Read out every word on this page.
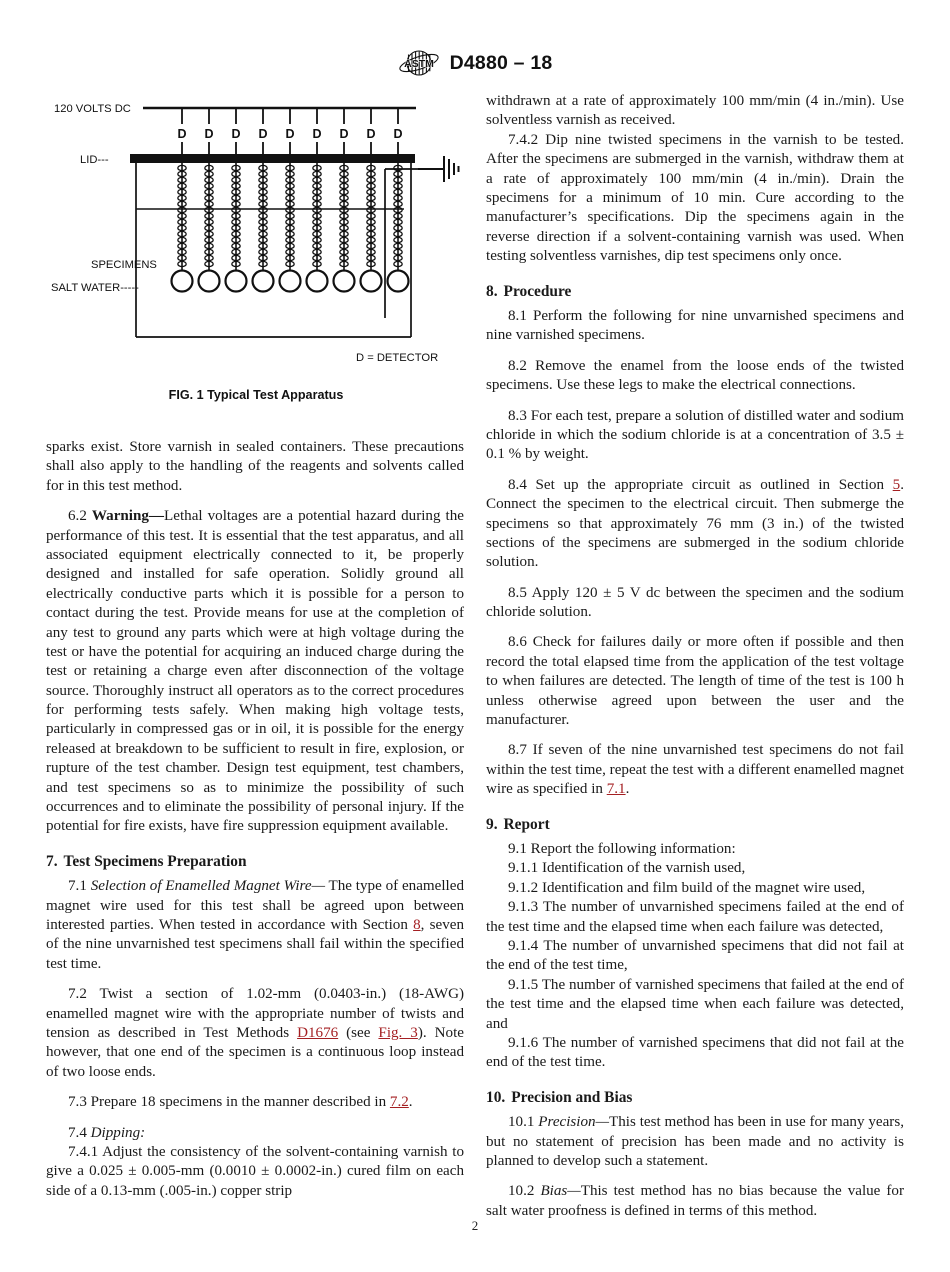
ASTM D4880 – 18
D D D D D D D D D
120 VOLTS DC
LID---
SPECIMENS
SALT WATER-----
D = DETECTOR
FIG. 1 Typical Test Apparatus

sparks exist. Store varnish in sealed containers. These precautions shall also apply to the handling of the reagents and solvents called for in this test method.

6.2 Warning—Lethal voltages are a potential hazard during the performance of this test. It is essential that the test apparatus, and all associated equipment electrically connected to it, be properly designed and installed for safe operation. Solidly ground all electrically conductive parts which it is possible for a person to contact during the test. Provide means for use at the completion of any test to ground any parts which were at high voltage during the test or have the potential for acquiring an induced charge during the test or retaining a charge even after disconnection of the voltage source. Thoroughly instruct all operators as to the correct procedures for performing tests safely. When making high voltage tests, particularly in compressed gas or in oil, it is possible for the energy released at breakdown to be sufficient to result in fire, explosion, or rupture of the test chamber. Design test equipment, test chambers, and test specimens so as to minimize the possibility of such occurrences and to eliminate the possibility of personal injury. If the potential for fire exists, have fire suppression equipment available.

7. Test Specimens Preparation

7.1 Selection of Enamelled Magnet Wire— The type of enamelled magnet wire used for this test shall be agreed upon between interested parties. When tested in accordance with Section 8, seven of the nine unvarnished test specimens shall fail within the specified test time.

7.2 Twist a section of 1.02-mm (0.0403-in.) (18-AWG) enamelled magnet wire with the appropriate number of twists and tension as described in Test Methods D1676 (see Fig. 3). Note however, that one end of the specimen is a continuous loop instead of two loose ends.

7.3 Prepare 18 specimens in the manner described in 7.2.

7.4 Dipping:

7.4.1 Adjust the consistency of the solvent-containing varnish to give a 0.025 ± 0.005-mm (0.0010 ± 0.0002-in.) cured film on each side of a 0.13-mm (.005-in.) copper strip

withdrawn at a rate of approximately 100 mm/min (4 in./min). Use solventless varnish as received.

7.4.2 Dip nine twisted specimens in the varnish to be tested. After the specimens are submerged in the varnish, withdraw them at a rate of approximately 100 mm/min (4 in./min). Drain the specimens for a minimum of 10 min. Cure according to the manufacturer’s specifications. Dip the specimens again in the reverse direction if a solvent-containing varnish was used. When testing solventless varnishes, dip test specimens only once.

8. Procedure

8.1 Perform the following for nine unvarnished specimens and nine varnished specimens.

8.2 Remove the enamel from the loose ends of the twisted specimens. Use these legs to make the electrical connections.

8.3 For each test, prepare a solution of distilled water and sodium chloride in which the sodium chloride is at a concentration of 3.5 ± 0.1 % by weight.

8.4 Set up the appropriate circuit as outlined in Section 5. Connect the specimen to the electrical circuit. Then submerge the specimens so that approximately 76 mm (3 in.) of the twisted sections of the specimens are submerged in the sodium chloride solution.

8.5 Apply 120 ± 5 V dc between the specimen and the sodium chloride solution.

8.6 Check for failures daily or more often if possible and then record the total elapsed time from the application of the test voltage to when failures are detected. The length of time of the test is 100 h unless otherwise agreed upon between the user and the manufacturer.

8.7 If seven of the nine unvarnished test specimens do not fail within the test time, repeat the test with a different enamelled magnet wire as specified in 7.1.

9. Report

9.1 Report the following information:

9.1.1 Identification of the varnish used,

9.1.2 Identification and film build of the magnet wire used,

9.1.3 The number of unvarnished specimens failed at the end of the test time and the elapsed time when each failure was detected,

9.1.4 The number of unvarnished specimens that did not fail at the end of the test time,

9.1.5 The number of varnished specimens that failed at the end of the test time and the elapsed time when each failure was detected, and

9.1.6 The number of varnished specimens that did not fail at the end of the test time.

10. Precision and Bias

10.1 Precision—This test method has been in use for many years, but no statement of precision has been made and no activity is planned to develop such a statement.

10.2 Bias—This test method has no bias because the value for salt water proofness is defined in terms of this method.

2
